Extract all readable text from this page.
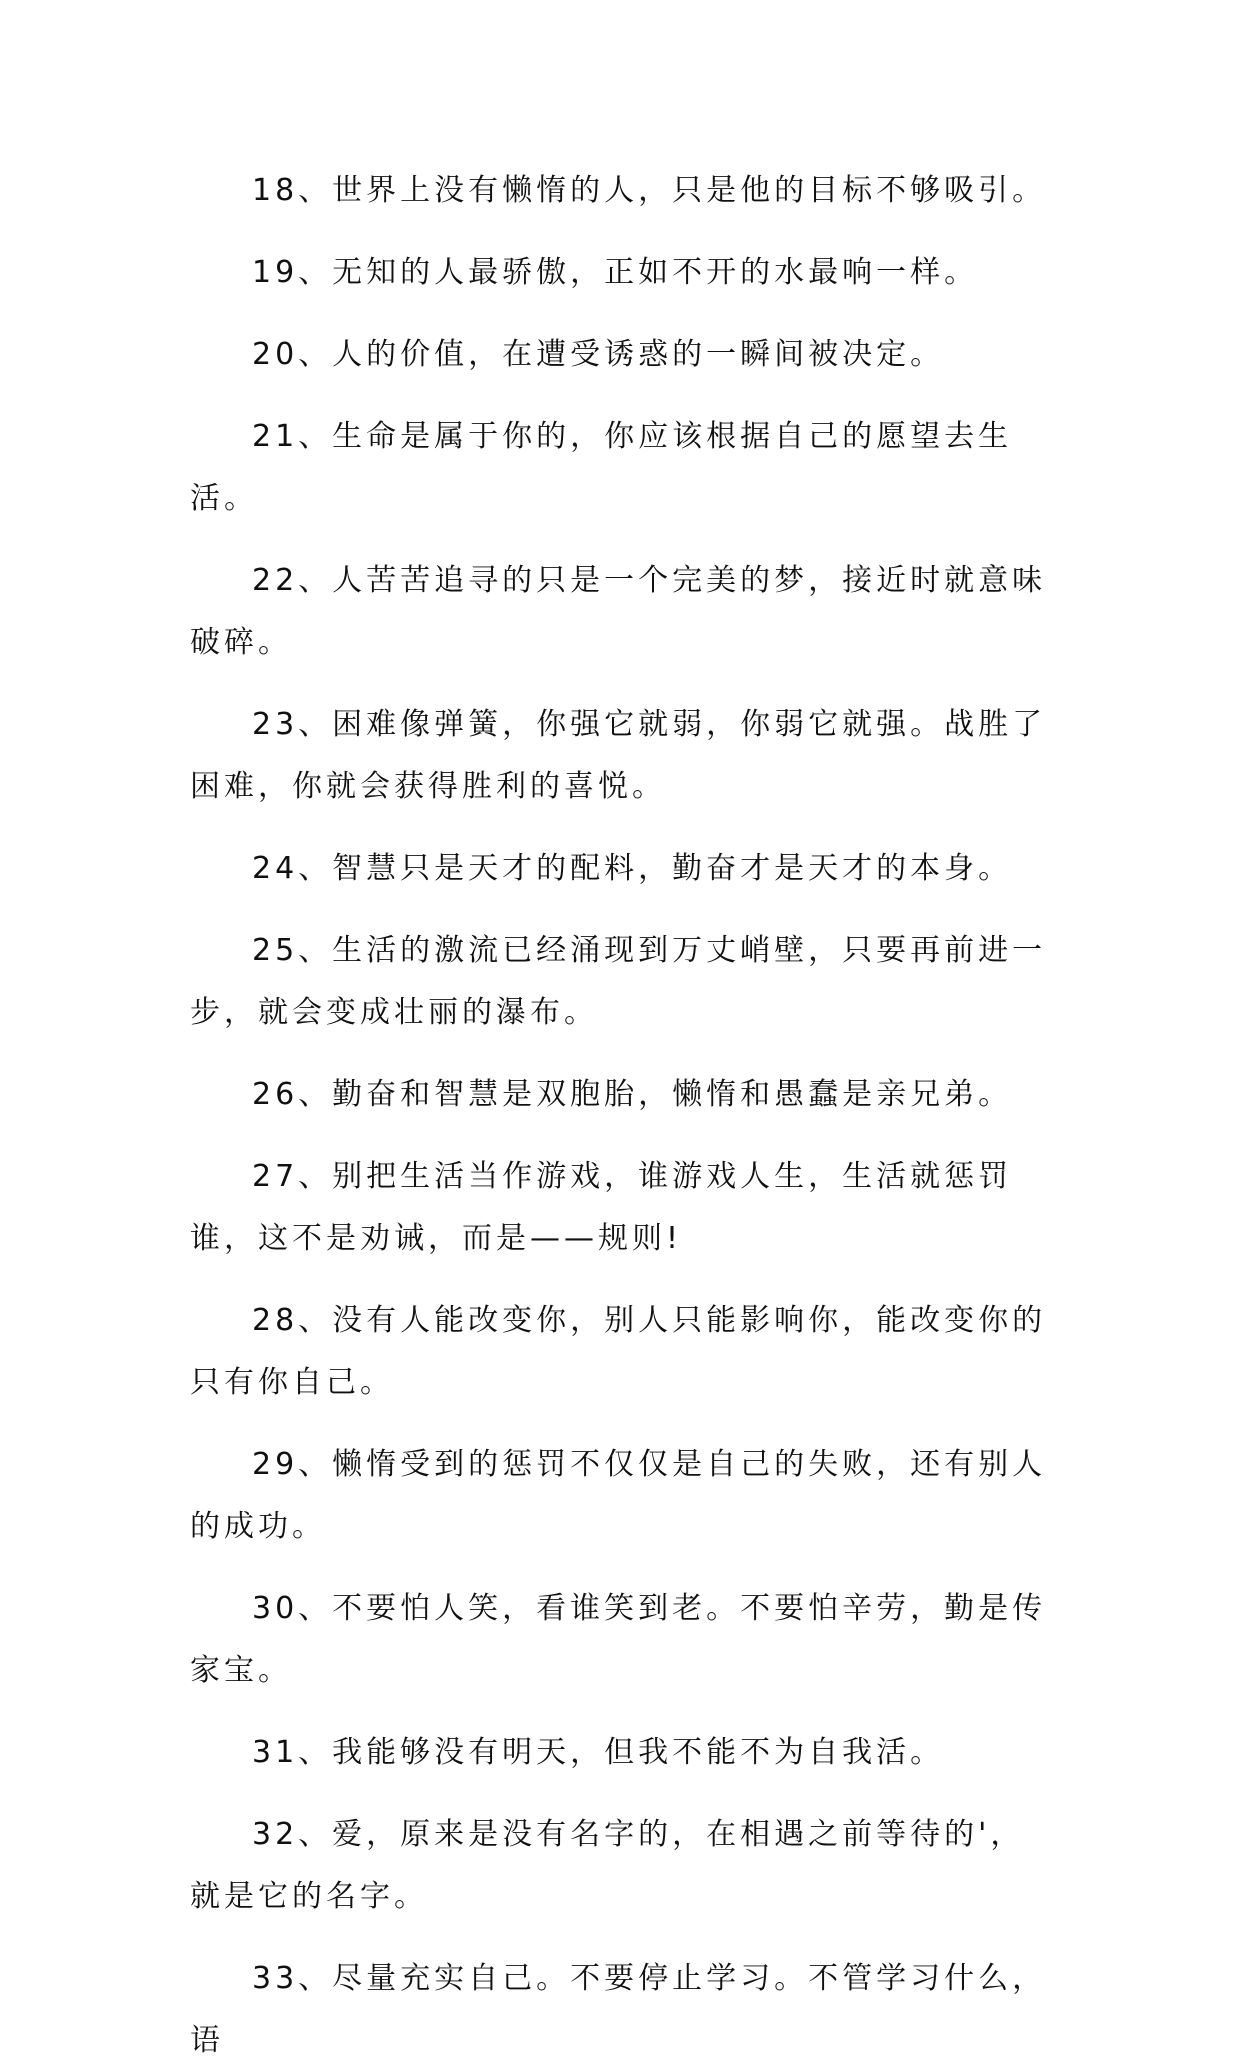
18、世界上没有懒惰的人，只是他的目标不够吸引。

19、无知的人最骄傲，正如不开的水最响一样。

20、人的价值，在遭受诱惑的一瞬间被决定。

21、生命是属于你的，你应该根据自己的愿望去生活。

22、人苦苦追寻的只是一个完美的梦，接近时就意味破碎。

23、困难像弹簧，你强它就弱，你弱它就强。战胜了困难，你就会获得胜利的喜悦。

24、智慧只是天才的配料，勤奋才是天才的本身。

25、生活的激流已经涌现到万丈峭壁，只要再前进一步，就会变成壮丽的瀑布。

26、勤奋和智慧是双胞胎，懒惰和愚蠢是亲兄弟。

27、别把生活当作游戏，谁游戏人生，生活就惩罚谁，这不是劝诫，而是——规则!

28、没有人能改变你，别人只能影响你，能改变你的只有你自己。

29、懒惰受到的惩罚不仅仅是自己的失败，还有别人的成功。

30、不要怕人笑，看谁笑到老。不要怕辛劳，勤是传家宝。

31、我能够没有明天，但我不能不为自我活。

32、爱，原来是没有名字的，在相遇之前等待的'，就是它的名字。

33、尽量充实自己。不要停止学习。不管学习什么，语
